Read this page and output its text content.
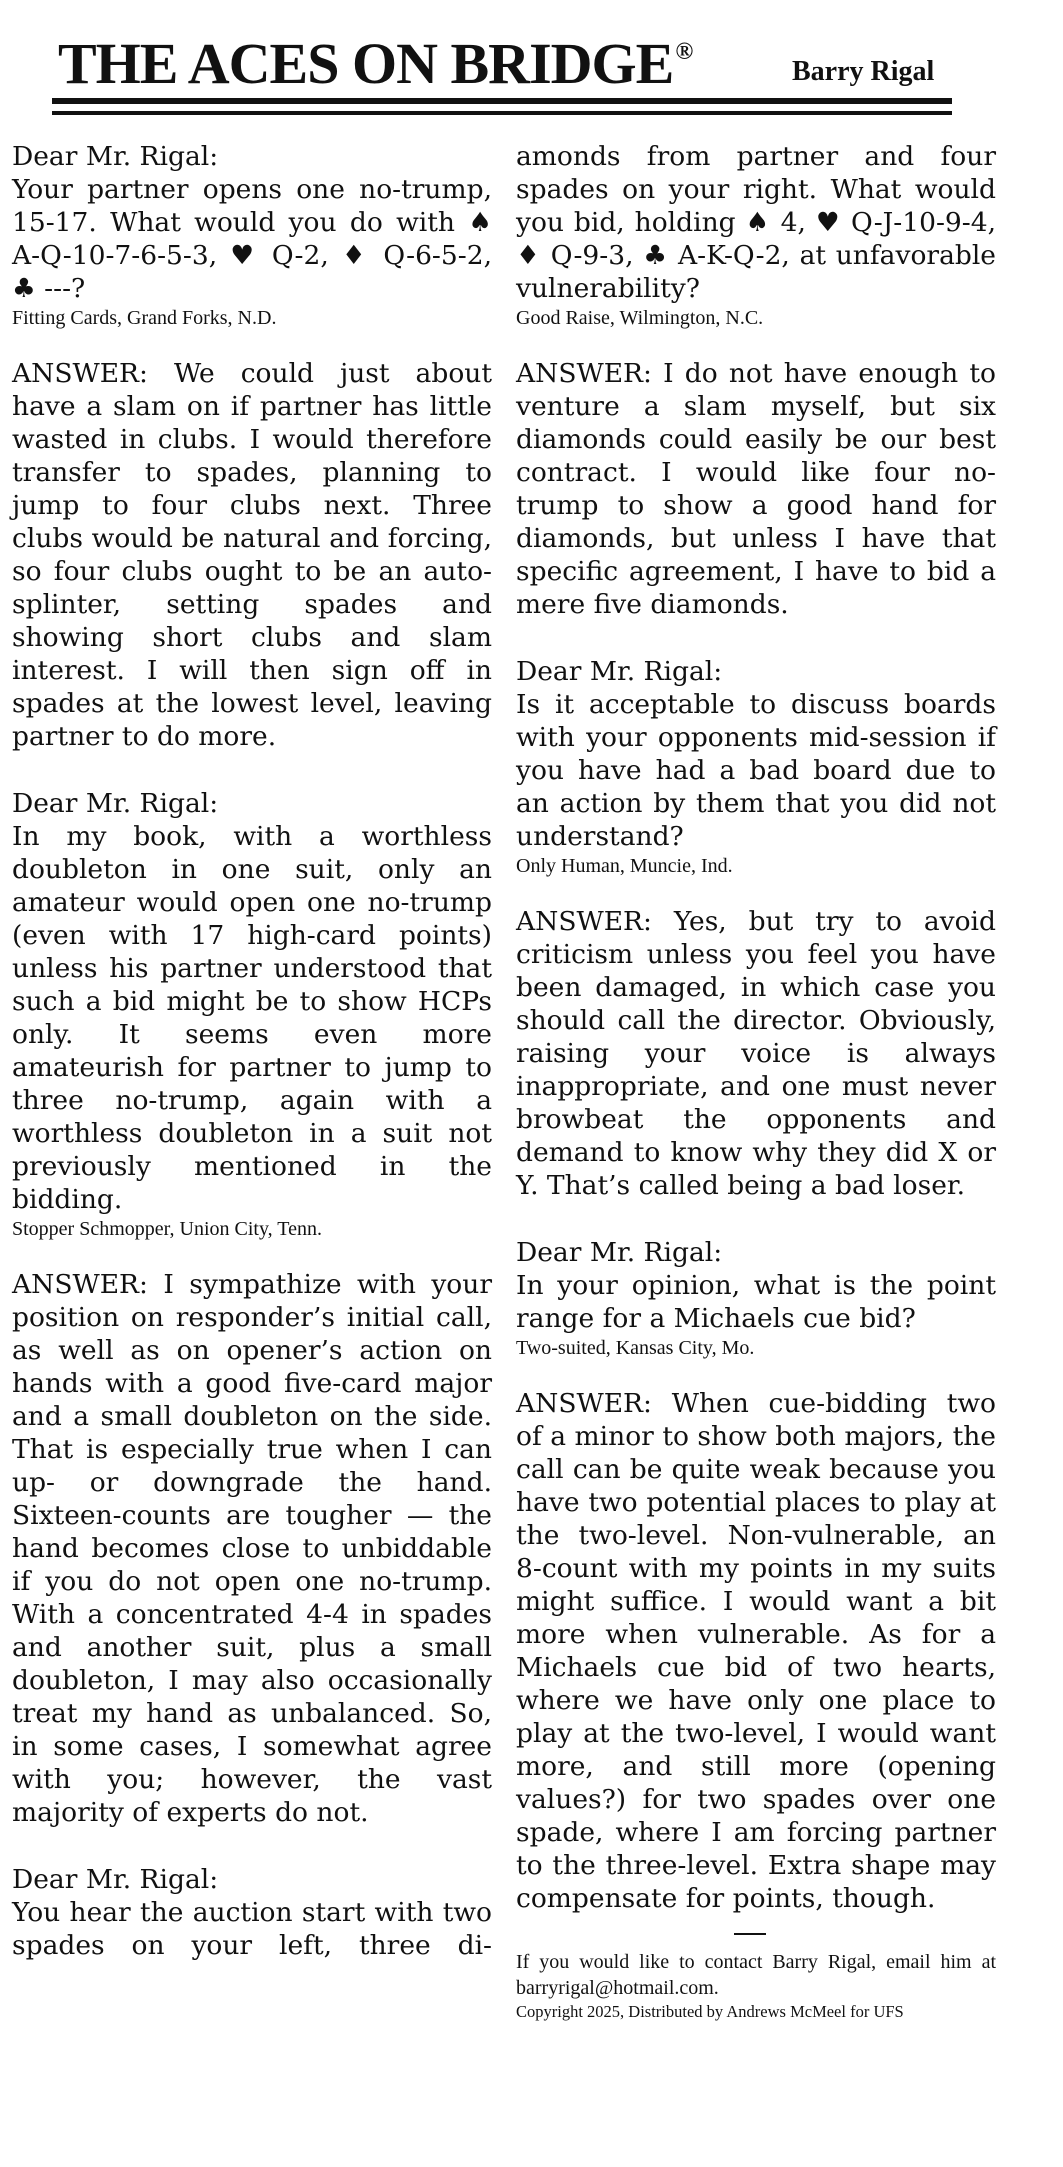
THE ACES ON BRIDGE®
Barry Rigal

Dear Mr. Rigal:

Your partner opens one no-trump, 15-17. What would you do with ♠ A-Q-10-7-6-5-3, ♥ Q-2, ♦ Q-6-5-2, ♣ ---?

Fitting Cards, Grand Forks, N.D.

ANSWER: We could just about have a slam on if partner has little wasted in clubs. I would therefore transfer to spades, planning to jump to four clubs next. Three clubs would be natural and forcing, so four clubs ought to be an auto-splinter, setting spades and showing short clubs and slam interest. I will then sign off in spades at the lowest level, leaving partner to do more.

Dear Mr. Rigal:

In my book, with a worthless doubleton in one suit, only an amateur would open one no-trump (even with 17 high-card points) unless his partner understood that such a bid might be to show HCPs only. It seems even more amateurish for partner to jump to three no-trump, again with a worthless doubleton in a suit not previously mentioned in the bidding.

Stopper Schmopper, Union City, Tenn.

ANSWER: I sympathize with your position on responder’s initial call, as well as on opener’s action on hands with a good five-card major and a small doubleton on the side. That is especially true when I can up- or downgrade the hand. Sixteen-counts are tougher — the hand becomes close to unbiddable if you do not open one no-trump. With a concentrated 4-4 in spades and another suit, plus a small doubleton, I may also occasionally treat my hand as unbalanced. So, in some cases, I somewhat agree with you; however, the vast majority of experts do not.

Dear Mr. Rigal:

You hear the auction start with two spades on your left, three di-

amonds from partner and four spades on your right. What would you bid, holding ♠ 4, ♥ Q-J-10-9-4, ♦ Q-9-3, ♣ A-K-Q-2, at unfavorable vulnerability?

Good Raise, Wilmington, N.C.

ANSWER: I do not have enough to venture a slam myself, but six diamonds could easily be our best contract. I would like four no-trump to show a good hand for diamonds, but unless I have that specific agreement, I have to bid a mere five diamonds.

Dear Mr. Rigal:

Is it acceptable to discuss boards with your opponents mid-session if you have had a bad board due to an action by them that you did not understand?

Only Human, Muncie, Ind.

ANSWER: Yes, but try to avoid criticism unless you feel you have been damaged, in which case you should call the director. Obviously, raising your voice is always inappropriate, and one must never browbeat the opponents and demand to know why they did X or Y. That’s called being a bad loser.

Dear Mr. Rigal:

In your opinion, what is the point range for a Michaels cue bid?

Two-suited, Kansas City, Mo.

ANSWER: When cue-bidding two of a minor to show both majors, the call can be quite weak because you have two potential places to play at the two-level. Non-vulnerable, an 8-count with my points in my suits might suffice. I would want a bit more when vulnerable. As for a Michaels cue bid of two hearts, where we have only one place to play at the two-level, I would want more, and still more (opening values?) for two spades over one spade, where I am forcing partner to the three-level. Extra shape may compensate for points, though.

If you would like to contact Barry Rigal, email him at barryrigal@hotmail.com.

Copyright 2025, Distributed by Andrews McMeel for UFS
